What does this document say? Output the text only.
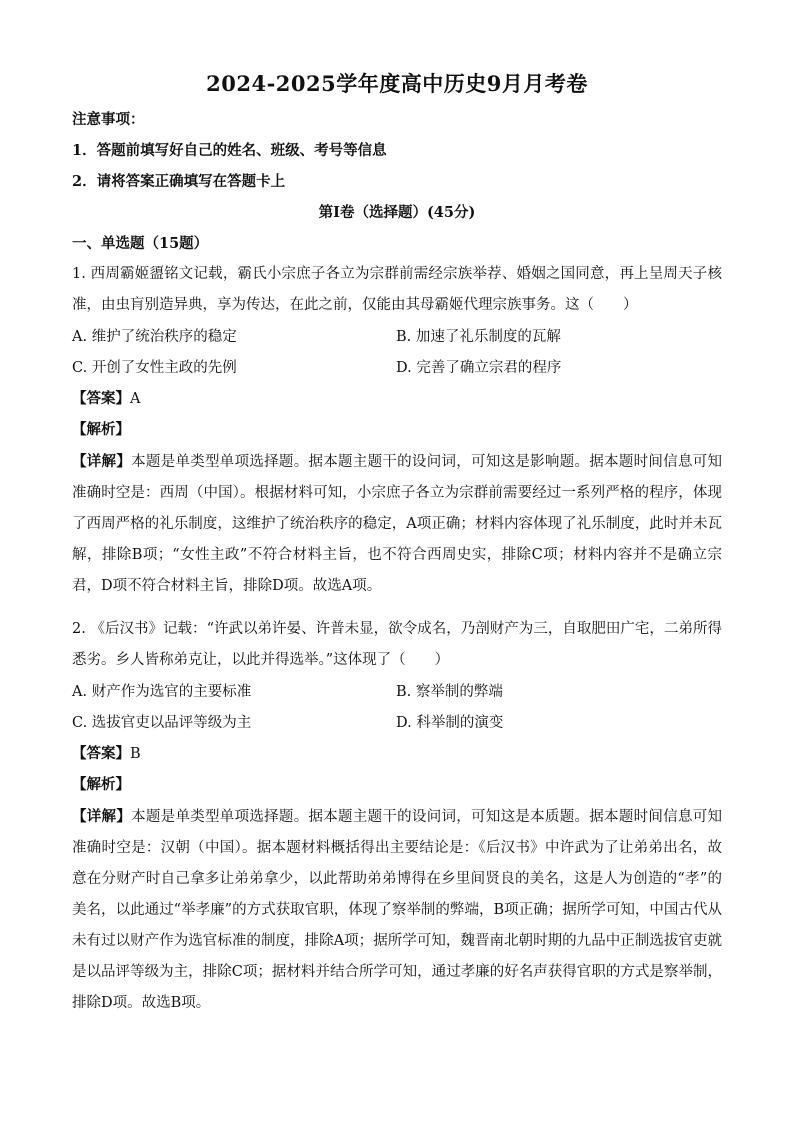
2024-2025学年度高中历史9月月考卷
注意事项：
1．答题前填写好自己的姓名、班级、考号等信息
2．请将答案正确填写在答题卡上
第I卷（选择题）(45分)
一、单选题（15题）
1. 西周霸姬盨铭文记载，霸氏小宗庶子各立为宗群前需经宗族举荐、婚姻之国同意，再上呈周天子核准，由虫肓别造异典，享为传达，在此之前，仅能由其母霸姬代理宗族事务。这（　　）
A. 维护了统治秩序的稳定	B. 加速了礼乐制度的瓦解
C. 开创了女性主政的先例	D. 完善了确立宗君的程序
【答案】A
【解析】
【详解】本题是单类型单项选择题。据本题主题干的设问词，可知这是影响题。据本题时间信息可知准确时空是：西周（中国）。根据材料可知，小宗庶子各立为宗群前需要经过一系列严格的程序，体现了西周严格的礼乐制度，这维护了统治秩序的稳定，A项正确；材料内容体现了礼乐制度，此时并未瓦解，排除B项；“女性主政”不符合材料主旨，也不符合西周史实，排除C项；材料内容并不是确立宗君，D项不符合材料主旨，排除D项。故选A项。
2. 《后汉书》记载：“许武以弟许晏、许普未显，欲令成名，乃剖财产为三，自取肥田广宅，二弟所得悉劣。乡人皆称弟克让，以此并得选举。”这体现了（　　）
A. 财产作为选官的主要标准	B. 察举制的弊端
C. 选拔官吏以品评等级为主	D. 科举制的演变
【答案】B
【解析】
【详解】本题是单类型单项选择题。据本题主题干的设问词，可知这是本质题。据本题时间信息可知准确时空是：汉朝（中国）。据本题材料概括得出主要结论是：《后汉书》中许武为了让弟弟出名，故意在分财产时自己拿多让弟弟拿少，以此帮助弟弟博得在乡里间贤良的美名，这是人为创造的“孝”的美名，以此通过“举孝廉”的方式获取官职，体现了察举制的弊端，B项正确；据所学可知，中国古代从未有过以财产作为选官标准的制度，排除A项；据所学可知，魏晋南北朝时期的九品中正制选拔官吏就是以品评等级为主，排除C项；据材料并结合所学可知，通过孝廉的好名声获得官职的方式是察举制，排除D项。故选B项。
